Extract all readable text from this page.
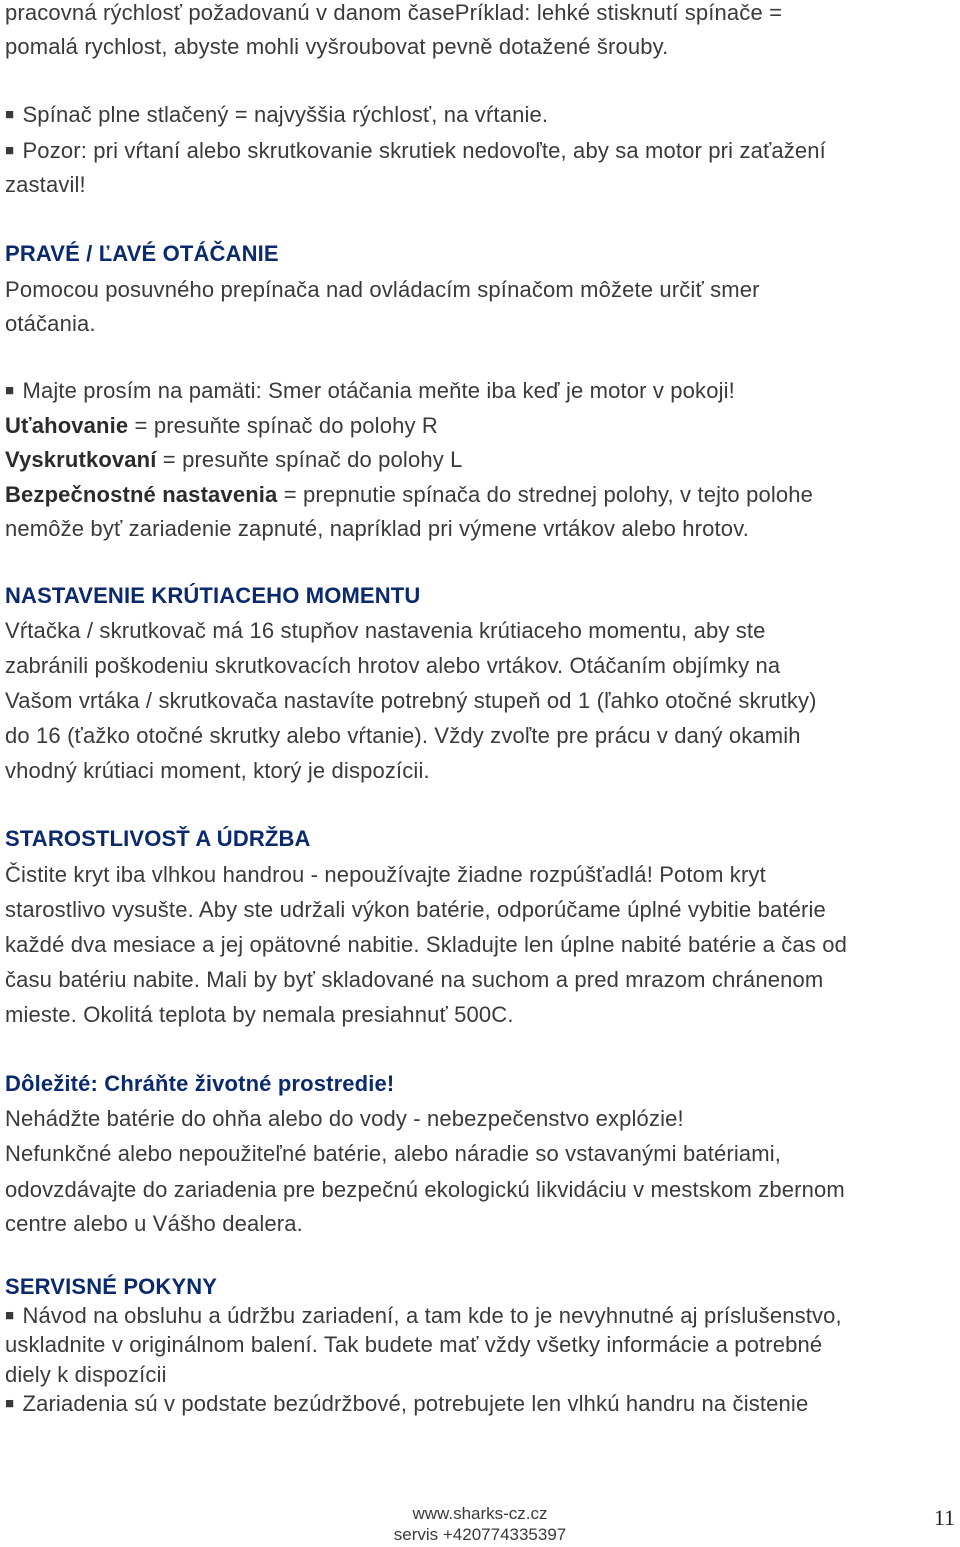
pracovná rýchlosť požadovanú v danom časePríklad: lehké stisknutí spínače =
pomalá rychlost, abyste mohli vyšroubovat pevně dotažené šrouby.
■ Spínač plne stlačený = najvyššia rýchlosť, na vŕtanie.
■ Pozor: pri vŕtaní alebo skrutkovanie skrutiek nedovoľte, aby sa motor pri zaťažení
zastavil!
PRAVÉ / ĽAVÉ OTÁČANIE
Pomocou posuvného prepínača nad ovládacím spínačom môžete určiť smer
otáčania.
■ Majte prosím na pamäti: Smer otáčania meňte iba keď je motor v pokoji!
Uťahovanie = presuňte spínač do polohy R
Vyskrutkovaní = presuňte spínač do polohy L
Bezpečnostné nastavenia = prepnutie spínača do strednej polohy, v tejto polohe
nemôže byť zariadenie zapnuté, napríklad pri výmene vrtákov alebo hrotov.
NASTAVENIE KRÚTIACEHO MOMENTU
Vŕtačka / skrutkovač má 16 stupňov nastavenia krútiaceho momentu, aby ste
zabránili poškodeniu skrutkovacích hrotov alebo vrtákov. Otáčaním objímky na
Vašom vrtáka / skrutkovača nastavíte potrebný stupeň od 1 (ľahko otočné skrutky)
do 16 (ťažko otočné skrutky alebo vŕtanie). Vždy zvoľte pre prácu v daný okamih
vhodný krútiaci moment, ktorý je dispozícii.
STAROSTLIVOSŤ A ÚDRŽBA
Čistite kryt iba vlhkou handrou - nepoužívajte žiadne rozpúšťadlá! Potom kryt
starostlivo vysušte. Aby ste udržali výkon batérie, odporúčame úplné vybitie batérie
každé dva mesiace a jej opätovné nabitie. Skladujte len úplne nabité batérie a čas od
času batériu nabite. Mali by byť skladované na suchom a pred mrazom chránenom
mieste. Okolitá teplota by nemala presiahnuť 500C.
Dôležité: Chráňte životné prostredie!
Nehádžte batérie do ohňa alebo do vody - nebezpečenstvo explózie!
Nefunkčné alebo nepoužiteľné batérie, alebo náradie so vstavanými batériami,
odovzdávajte do zariadenia pre bezpečnú ekologickú likvidáciu v mestskom zbernom
centre alebo u Vášho dealera.
SERVISNÉ POKYNY
■ Návod na obsluhu a údržbu zariadení, a tam kde to je nevyhnutné aj príslušenstvo,
uskladnite v originálnom balení. Tak budete mať vždy všetky informácie a potrebné
diely k dispozícii
■ Zariadenia sú v podstate bezúdržbové, potrebujete len vlhkú handru na čistenie
www.sharks-cz.cz
servis +420774335397
11
